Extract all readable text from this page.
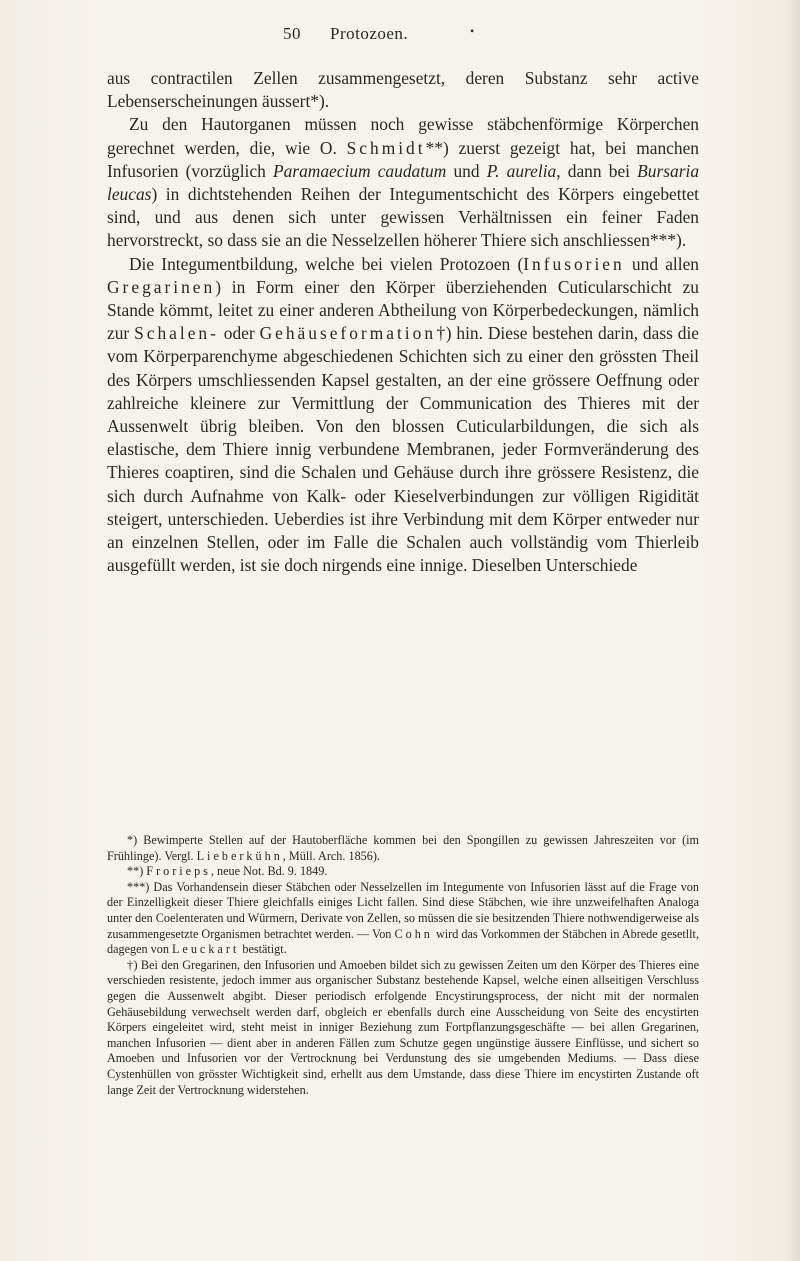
50 Protozoen.	•

aus contractilen Zellen zusammengesetzt, deren Substanz sehr active Lebenserscheinungen äussert*).

Zu den Hautorganen müssen noch gewisse stäbchenförmige Körperchen gerechnet werden, die, wie O. Schmidt**) zuerst gezeigt hat, bei manchen Infusorien (vorzüglich Paramaecium caudatum und P. aurelia, dann bei Bursaria leucas) in dichtstehenden Reihen der Integumentschicht des Körpers eingebettet sind, und aus denen sich unter gewissen Verhältnissen ein feiner Faden hervorstreckt, so dass sie an die Nesselzellen höherer Thiere sich anschliessen***).

Die Integumentbildung, welche bei vielen Protozoen (Infusorien und allen Gregarinen) in Form einer den Körper überziehenden Cuticularschicht zu Stande kömmt, leitet zu einer anderen Abtheilung von Körperbedeckungen, nämlich zur Schalen- oder Gehäuseformation†) hin. Diese bestehen darin, dass die vom Körperparenchyme abgeschiedenen Schichten sich zu einer den grössten Theil des Körpers umschliessenden Kapsel gestalten, an der eine grössere Oeffnung oder zahlreiche kleinere zur Vermittlung der Communication des Thieres mit der Aussenwelt übrig bleiben. Von den blossen Cuticularbildungen, die sich als elastische, dem Thiere innig verbundene Membranen, jeder Formveränderung des Thieres coaptiren, sind die Schalen und Gehäuse durch ihre grössere Resistenz, die sich durch Aufnahme von Kalk- oder Kieselverbindungen zur völligen Rigidität steigert, unterschieden. Ueberdies ist ihre Verbindung mit dem Körper entweder nur an einzelnen Stellen, oder im Falle die Schalen auch vollständig vom Thierleib ausgefüllt werden, ist sie doch nirgends eine innige. Dieselben Unterschiede

*) Bewimperte Stellen auf der Hautoberfläche kommen bei den Spongillen zu gewissen Jahreszeiten vor (im Frühlinge). Vergl. Lieberkühn, Müll. Arch. 1856).

**) Frorieps, neue Not. Bd. 9. 1849.

***) Das Vorhandensein dieser Stäbchen oder Nesselzellen im Integumente von Infusorien lässt auf die Frage von der Einzelligkeit dieser Thiere gleichfalls einiges Licht fallen. Sind diese Stäbchen, wie ihre unzweifelhaften Analoga unter den Coelenteraten und Würmern, Derivate von Zellen, so müssen die sie besitzenden Thiere nothwendigerweise als zusammengesetzte Organismen betrachtet werden. — Von Cohn wird das Vorkommen der Stäbchen in Abrede gesetllt, dagegen von Leuckart bestätigt.

†) Bei den Gregarinen, den Infusorien und Amoeben bildet sich zu gewissen Zeiten um den Körper des Thieres eine verschieden resistente, jedoch immer aus organischer Substanz bestehende Kapsel, welche einen allseitigen Verschluss gegen die Aussenwelt abgibt. Dieser periodisch erfolgende Encystirungsprocess, der nicht mit der normalen Gehäusebildung verwechselt werden darf, obgleich er ebenfalls durch eine Ausscheidung von Seite des encystirten Körpers eingeleitet wird, steht meist in inniger Beziehung zum Fortpflanzungsgeschäfte — bei allen Gregarinen, manchen Infusorien — dient aber in anderen Fällen zum Schutze gegen ungünstige äussere Einflüsse, und sichert so Amoeben und Infusorien vor der Vertrocknung bei Verdunstung des sie umgebenden Mediums. — Dass diese Cystenhüllen von grösster Wichtigkeit sind, erhellt aus dem Umstande, dass diese Thiere im encystirten Zustande oft lange Zeit der Vertrocknung widerstehen.
